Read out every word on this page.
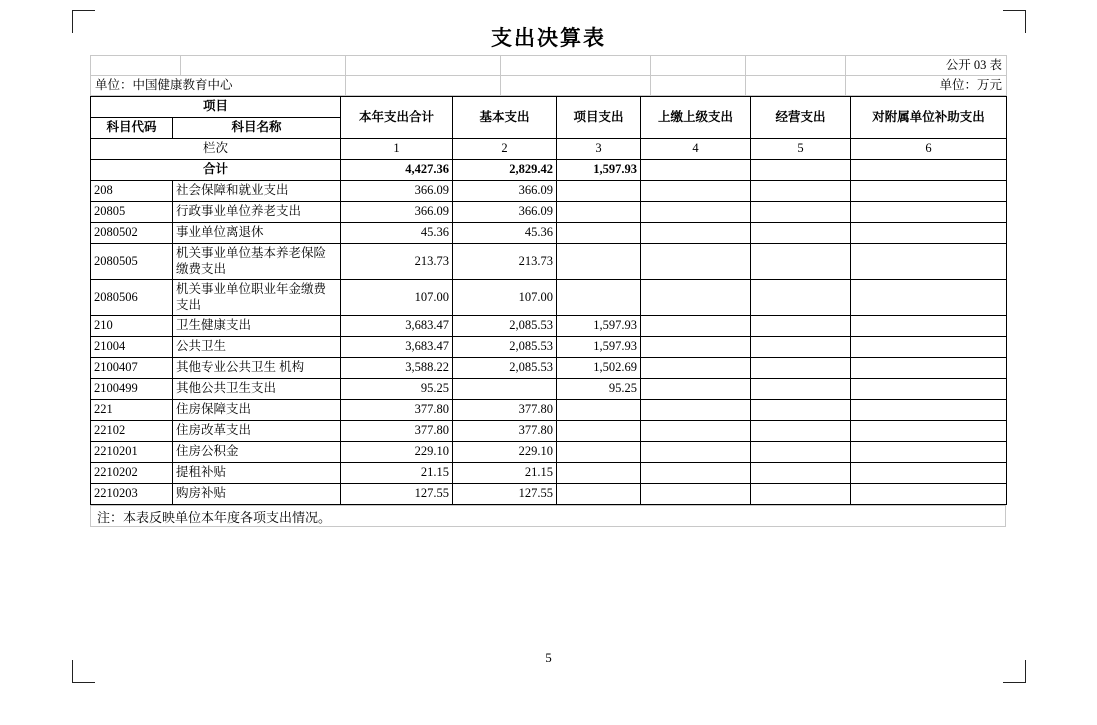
支出决算表
						公开 03 表
单位：中国健康教育中心						单位：万元
项目		本年支出合计	基本支出	项目支出	上缴上级支出	经营支出	对附属单位补助支出
科目代码	科目名称						
栏次		1	2	3	4	5	6
合计		4,427.36	2,829.42	1,597.93			
208	社会保障和就业支出	366.09	366.09				
20805	行政事业单位养老支出	366.09	366.09				
2080502	事业单位离退休	45.36	45.36				
2080505	机关事业单位基本养老保险缴费支出	213.73	213.73				
2080506	机关事业单位职业年金缴费支出	107.00	107.00				
210	卫生健康支出	3,683.47	2,085.53	1,597.93			
21004	公共卫生	3,683.47	2,085.53	1,597.93			
2100407	其他专业公共卫生 机构	3,588.22	2,085.53	1,502.69			
2100499	其他公共卫生支出	95.25		95.25			
221	住房保障支出	377.80	377.80				
22102	住房改革支出	377.80	377.80				
2210201	住房公积金	229.10	229.10				
2210202	提租补贴	21.15	21.15				
2210203	购房补贴	127.55	127.55				
注：本表反映单位本年度各项支出情况。
5
